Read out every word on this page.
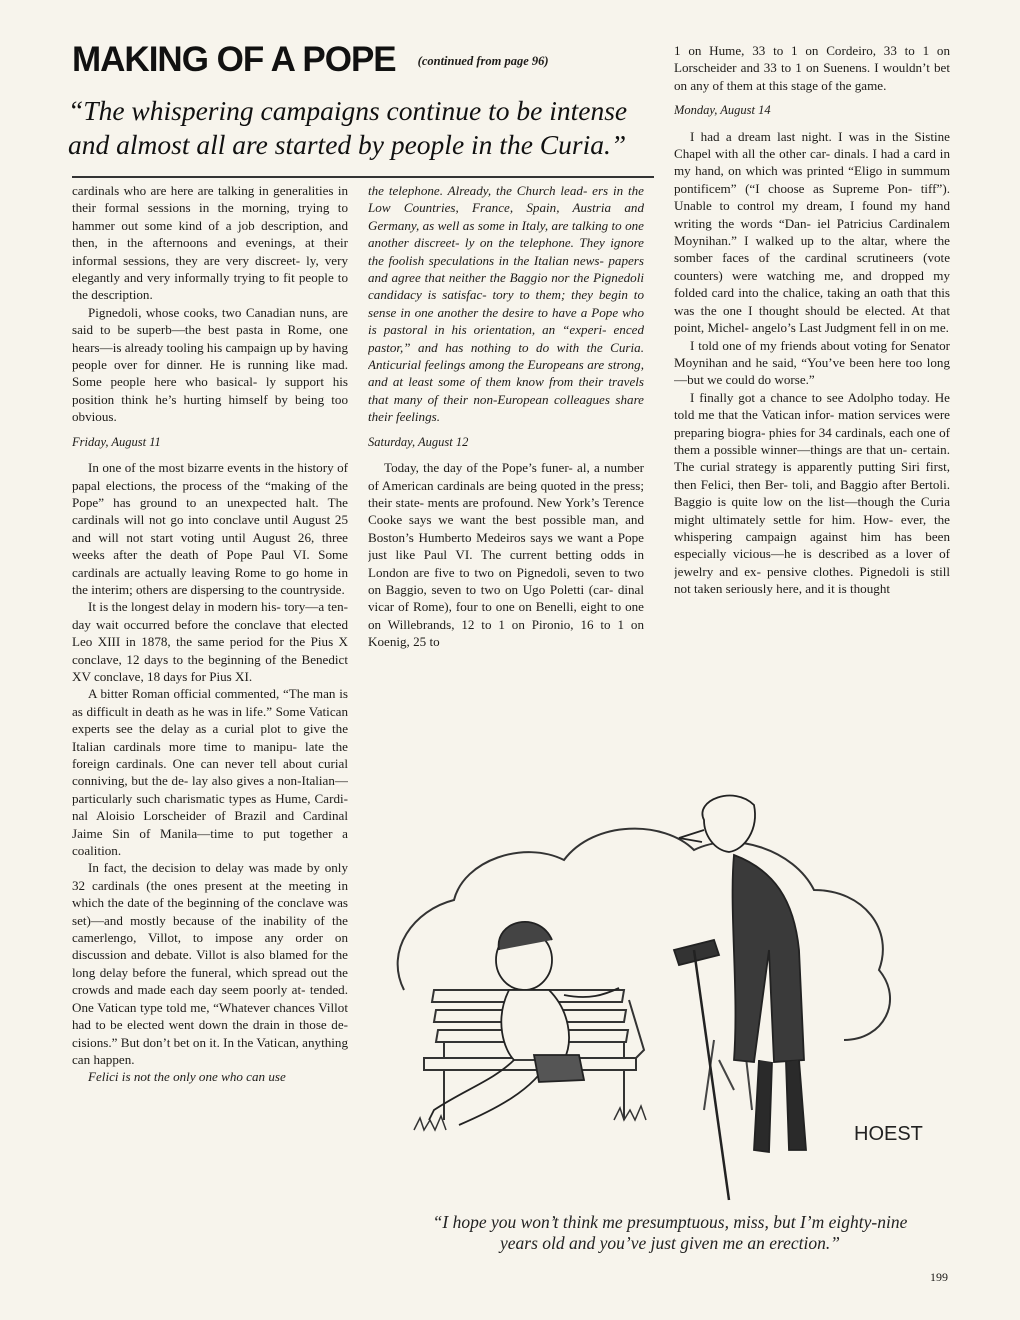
MAKING OF A POPE $^{(continued from page 96)}$
“The whispering campaigns continue to be intense and almost all are started by people in the Curia.”

cardinals who are here are talking in generalities in their formal sessions in the morning, trying to hammer out some kind of a job description, and then, in the afternoons and evenings, at their informal sessions, they are very discreet- ly, very elegantly and very informally trying to fit people to the description.

Pignedoli, whose cooks, two Canadian nuns, are said to be superb—the best pasta in Rome, one hears—is already tooling his campaign up by having people over for dinner. He is running like mad. Some people here who basical- ly support his position think he’s hurting himself by being too obvious.

Friday, August 11

In one of the most bizarre events in the history of papal elections, the process of the “making of the Pope” has ground to an unexpected halt. The cardinals will not go into conclave until August 25 and will not start voting until August 26, three weeks after the death of Pope Paul VI. Some cardinals are actually leaving Rome to go home in the interim; others are dispersing to the countryside.

It is the longest delay in modern his- tory—a ten-day wait occurred before the conclave that elected Leo XIII in 1878, the same period for the Pius X conclave, 12 days to the beginning of the Benedict XV conclave, 18 days for Pius XI.

A bitter Roman official commented, “The man is as difficult in death as he was in life.” Some Vatican experts see the delay as a curial plot to give the Italian cardinals more time to manipu- late the foreign cardinals. One can never tell about curial conniving, but the de- lay also gives a non-Italian—particularly such charismatic types as Hume, Cardi- nal Aloisio Lorscheider of Brazil and Cardinal Jaime Sin of Manila—time to put together a coalition.

In fact, the decision to delay was made by only 32 cardinals (the ones present at the meeting in which the date of the beginning of the conclave was set)—and mostly because of the inability of the camerlengo, Villot, to impose any order on discussion and debate. Villot is also blamed for the long delay before the funeral, which spread out the crowds and made each day seem poorly at- tended. One Vatican type told me, “Whatever chances Villot had to be elected went down the drain in those de- cisions.” But don’t bet on it. In the Vatican, anything can happen.

Felici is not the only one who can use

the telephone. Already, the Church lead- ers in the Low Countries, France, Spain, Austria and Germany, as well as some in Italy, are talking to one another discreet- ly on the telephone. They ignore the foolish speculations in the Italian news- papers and agree that neither the Baggio nor the Pignedoli candidacy is satisfac- tory to them; they begin to sense in one another the desire to have a Pope who is pastoral in his orientation, an “experi- enced pastor,” and has nothing to do with the Curia. Anticurial feelings among the Europeans are strong, and at least some of them know from their travels that many of their non-European colleagues share their feelings.

Saturday, August 12

Today, the day of the Pope’s funer- al, a number of American cardinals are being quoted in the press; their state- ments are profound. New York’s Terence Cooke says we want the best possible man, and Boston’s Humberto Medeiros says we want a Pope just like Paul VI. The current betting odds in London are five to two on Pignedoli, seven to two on Baggio, seven to two on Ugo Poletti (car- dinal vicar of Rome), four to one on Benelli, eight to one on Willebrands, 12 to 1 on Pironio, 16 to 1 on Koenig, 25 to

1 on Hume, 33 to 1 on Cordeiro, 33 to 1 on Lorscheider and 33 to 1 on Suenens. I wouldn’t bet on any of them at this stage of the game.

Monday, August 14

I had a dream last night. I was in the Sistine Chapel with all the other car- dinals. I had a card in my hand, on which was printed “Eligo in summum pontificem” (“I choose as Supreme Pon- tiff”). Unable to control my dream, I found my hand writing the words “Dan- iel Patricius Cardinalem Moynihan.” I walked up to the altar, where the somber faces of the cardinal scrutineers (vote counters) were watching me, and dropped my folded card into the chalice, taking an oath that this was the one I thought should be elected. At that point, Michel- angelo’s Last Judgment fell in on me.

I told one of my friends about voting for Senator Moynihan and he said, “You’ve been here too long—but we could do worse.”

I finally got a chance to see Adolpho today. He told me that the Vatican infor- mation services were preparing biogra- phies for 34 cardinals, each one of them a possible winner—things are that un- certain. The curial strategy is apparently putting Siri first, then Felici, then Ber- toli, and Baggio after Bertoli. Baggio is quite low on the list—though the Curia might ultimately settle for him. How- ever, the whispering campaign against him has been especially vicious—he is described as a lover of jewelry and ex- pensive clothes. Pignedoli is still not taken seriously here, and it is thought

HOEST
“I hope you won’t think me presumptuous, miss, but I’m eighty-nine years old and you’ve just given me an erection.”
199
